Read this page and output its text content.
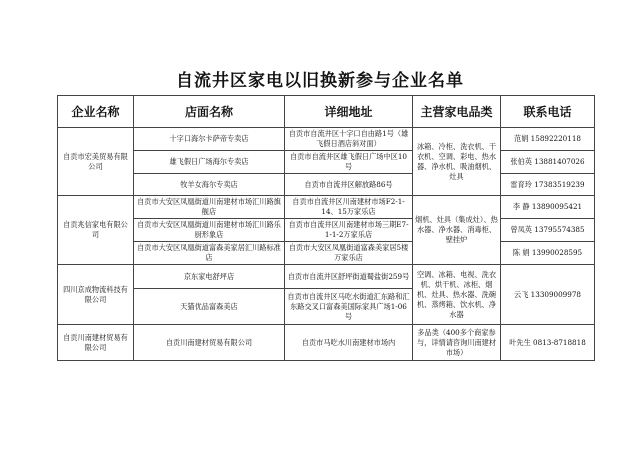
自流井区家电以旧换新参与企业名单
企业名称	店面名称	详细地址	主营家电品类	联系电话
自贡市宏美贸易有限公司	十字口海尔卡萨帝专卖店	自贡市自流井区十字口自由路1号（雄飞假日酒店斜对面）	冰箱、冷柜、洗衣机、干衣机、空调、彩电、热水器、净水机、吸油烟机、灶具	范娟 15892220118
	雄飞假日广场海尔专卖店	自贡市自流井区雄飞假日广场中区10号		张伯英 13881407026
	牧羊女海尔专卖店	自贡市自流井区解放路86号		雷育玲 17383519239
自贡兆信家电有限公司	自贡市大安区凤凰街道川南建材市场汇川路旗舰店	自贡市自流井区川南建材市场F2-1-14、15万家乐店	烟机、灶具（集成灶）、热水器、净水器、消毒柜、壁挂炉	李 静 13890095421
	自贡市大安区凤凰街道川南建材市场汇川路乐厨形象店	自贡市自流井区川南建材市场三期E7-1-1-2万家乐店		曾凤英 13795574385
	自贡市大安区凤凰街道富森美家居汇川路标准店	自贡市大安区凤凰街道富森美家居5楼万家乐店		陈 娟 13990028595
四川京成物流科技有限公司	京东家电舒坪店	自贡市自流井区舒坪街道蜀盐街259号	空调、冰箱、电视、洗衣机、烘干机、冰柜、烟机、灶具、热水器、洗碗机、蒸烤箱、饮水机、净水器	云飞 13309009978
	天猫优品富森美店	自贡市自流井区马吃水街道汇东路和汇东路交叉口富森美国际家具广场1-06号		
自贡川南建材贸易有限公司	自贡川南建材贸易有限公司	自贡市马吃水川南建材市场内	多品类（400多个商家参与，详情请咨询川南建材市场）	叶先生 0813-8718818
